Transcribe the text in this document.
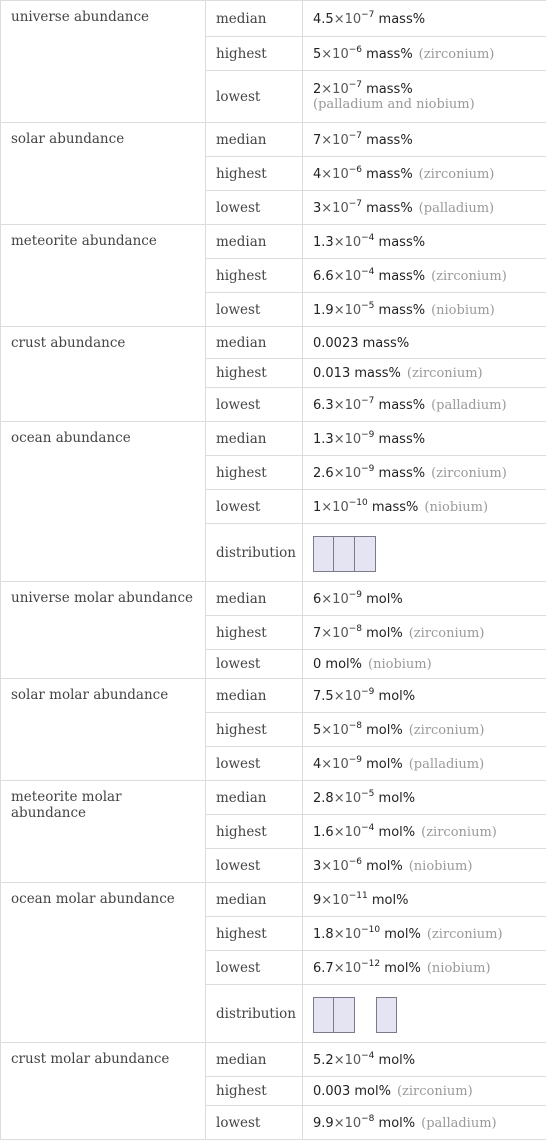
universe abundance	median	$4.5\times 10^{-7}$ mass%
	highest	$5\times 10^{-6}$ mass% (zirconium)
	lowest	$2\times 10^{-7}$ mass%
(palladium and niobium)

solar abundance	median	$7\times 10^{-7}$ mass%
	highest	$4\times 10^{-6}$ mass% (zirconium)
	lowest	$3\times 10^{-7}$ mass% (palladium)
meteorite abundance	median	$1.3\times 10^{-4}$ mass%
	highest	$6.6\times 10^{-4}$ mass% (zirconium)
	lowest	$1.9\times 10^{-5}$ mass% (niobium)
crust abundance	median	0.0023 mass%
	highest	0.013 mass% (zirconium)
	lowest	$6.3\times 10^{-7}$ mass% (palladium)
ocean abundance	median	$1.3\times 10^{-9}$ mass%
	highest	$2.6\times 10^{-9}$ mass% (zirconium)
	lowest	$1\times 10^{-10}$ mass% (niobium)
	distribution	

universe molar abundance	median	$6\times 10^{-9}$ mol%
	highest	$7\times 10^{-8}$ mol% (zirconium)
	lowest	0 mol% (niobium)
solar molar abundance	median	$7.5\times 10^{-9}$ mol%
	highest	$5\times 10^{-8}$ mol% (zirconium)
	lowest	$4\times 10^{-9}$ mol% (palladium)
meteorite molar abundance	median	$2.8\times 10^{-5}$ mol%
	highest	$1.6\times 10^{-4}$ mol% (zirconium)
	lowest	$3\times 10^{-6}$ mol% (niobium)
ocean molar abundance	median	$9\times 10^{-11}$ mol%
	highest	$1.8\times 10^{-10}$ mol% (zirconium)
	lowest	$6.7\times 10^{-12}$ mol% (niobium)
	distribution	

crust molar abundance	median	$5.2\times 10^{-4}$ mol%
	highest	0.003 mol% (zirconium)
	lowest	$9.9\times 10^{-8}$ mol% (palladium)
